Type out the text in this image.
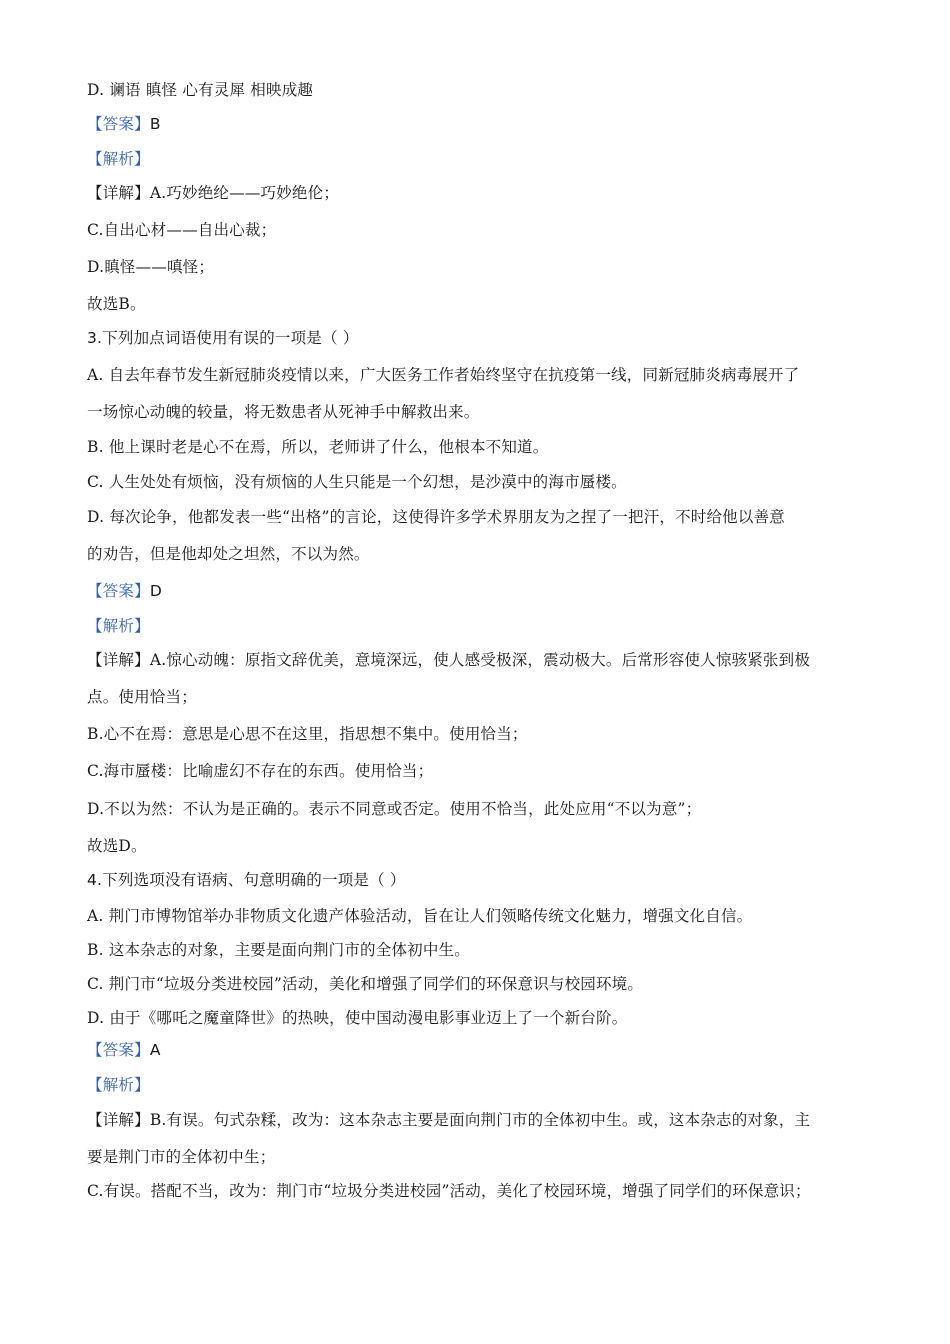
D. 谰语 瞋怪 心有灵犀 相映成趣
【答案】B
【解析】
【详解】A.巧妙绝纶——巧妙绝伦；
C.自出心材——自出心裁；
D.瞋怪——嗔怪；
故选B。
3.下列加点词语使用有误的一项是（ ）
A. 自去年春节发生新冠肺炎疫情以来，广大医务工作者始终坚守在抗疫第一线，同新冠肺炎病毒展开了
一场惊心动魄的较量，将无数患者从死神手中解救出来。
B. 他上课时老是心不在焉，所以，老师讲了什么，他根本不知道。
C. 人生处处有烦恼，没有烦恼的人生只能是一个幻想，是沙漠中的海市蜃楼。
D. 每次论争，他都发表一些“出格”的言论，这使得许多学术界朋友为之捏了一把汗，不时给他以善意
的劝告，但是他却处之坦然，不以为然。
【答案】D
【解析】
【详解】A.惊心动魄：原指文辞优美，意境深远，使人感受极深，震动极大。后常形容使人惊骇紧张到极
点。使用恰当；
B.心不在焉：意思是心思不在这里，指思想不集中。使用恰当；
C.海市蜃楼：比喻虚幻不存在的东西。使用恰当；
D.不以为然：不认为是正确的。表示不同意或否定。使用不恰当，此处应用“不以为意”；
故选D。
4.下列选项没有语病、句意明确的一项是（ ）
A. 荆门市博物馆举办非物质文化遗产体验活动，旨在让人们领略传统文化魅力，增强文化自信。
B. 这本杂志的对象，主要是面向荆门市的全体初中生。
C. 荆门市“垃圾分类进校园”活动，美化和增强了同学们的环保意识与校园环境。
D. 由于《哪吒之魔童降世》的热映，使中国动漫电影事业迈上了一个新台阶。
【答案】A
【解析】
【详解】B.有误。句式杂糅，改为：这本杂志主要是面向荆门市的全体初中生。或，这本杂志的对象，主
要是荆门市的全体初中生；
C.有误。搭配不当，改为：荆门市“垃圾分类进校园”活动，美化了校园环境，增强了同学们的环保意识；
